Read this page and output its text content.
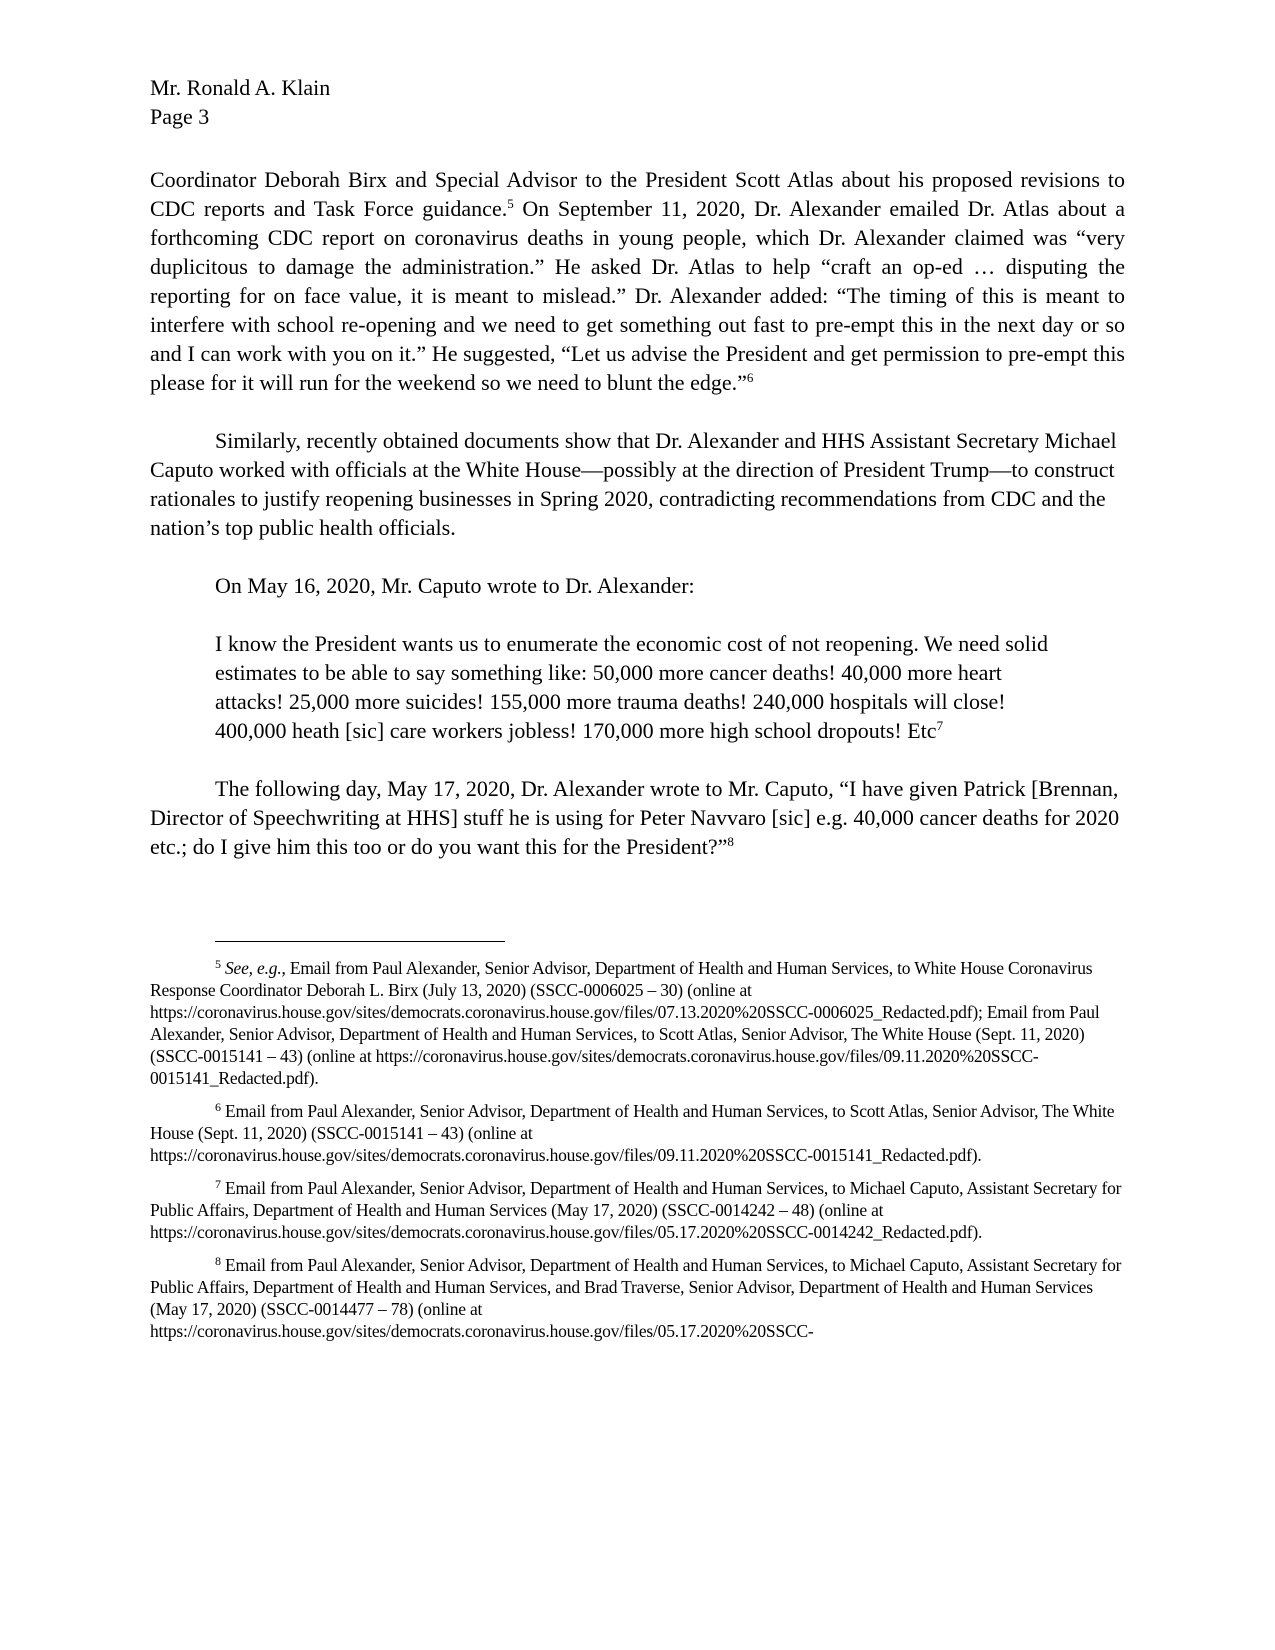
Mr. Ronald A. Klain
Page 3

Coordinator Deborah Birx and Special Advisor to the President Scott Atlas about his proposed revisions to CDC reports and Task Force guidance.$^5$ On September 11, 2020, Dr. Alexander emailed Dr. Atlas about a forthcoming CDC report on coronavirus deaths in young people, which Dr. Alexander claimed was “very duplicitous to damage the administration.” He asked Dr. Atlas to help “craft an op-ed … disputing the reporting for on face value, it is meant to mislead.” Dr. Alexander added: “The timing of this is meant to interfere with school re-opening and we need to get something out fast to pre-empt this in the next day or so and I can work with you on it.” He suggested, “Let us advise the President and get permission to pre-empt this please for it will run for the weekend so we need to blunt the edge.”$^6$

Similarly, recently obtained documents show that Dr. Alexander and HHS Assistant Secretary Michael Caputo worked with officials at the White House—possibly at the direction of President Trump—to construct rationales to justify reopening businesses in Spring 2020, contradicting recommendations from CDC and the nation’s top public health officials.

On May 16, 2020, Mr. Caputo wrote to Dr. Alexander:

I know the President wants us to enumerate the economic cost of not reopening. We need solid estimates to be able to say something like: 50,000 more cancer deaths! 40,000 more heart attacks! 25,000 more suicides! 155,000 more trauma deaths! 240,000 hospitals will close! 400,000 heath [sic] care workers jobless! 170,000 more high school dropouts! Etc$^7$

The following day, May 17, 2020, Dr. Alexander wrote to Mr. Caputo, “I have given Patrick [Brennan, Director of Speechwriting at HHS] stuff he is using for Peter Navvaro [sic] e.g. 40,000 cancer deaths for 2020 etc.; do I give him this too or do you want this for the President?”$^8$

$^5$ See, e.g., Email from Paul Alexander, Senior Advisor, Department of Health and Human Services, to White House Coronavirus Response Coordinator Deborah L. Birx (July 13, 2020) (SSCC-0006025 – 30) (online at https://coronavirus.house.gov/sites/democrats.coronavirus.house.gov/files/07.13.2020%20SSCC-0006025_Redacted.pdf); Email from Paul Alexander, Senior Advisor, Department of Health and Human Services, to Scott Atlas, Senior Advisor, The White House (Sept. 11, 2020) (SSCC-0015141 – 43) (online at https://coronavirus.house.gov/sites/democrats.coronavirus.house.gov/files/09.11.2020%20SSCC-0015141_Redacted.pdf).

$^6$ Email from Paul Alexander, Senior Advisor, Department of Health and Human Services, to Scott Atlas, Senior Advisor, The White House (Sept. 11, 2020) (SSCC-0015141 – 43) (online at https://coronavirus.house.gov/sites/democrats.coronavirus.house.gov/files/09.11.2020%20SSCC-0015141_Redacted.pdf).

$^7$ Email from Paul Alexander, Senior Advisor, Department of Health and Human Services, to Michael Caputo, Assistant Secretary for Public Affairs, Department of Health and Human Services (May 17, 2020) (SSCC-0014242 – 48) (online at https://coronavirus.house.gov/sites/democrats.coronavirus.house.gov/files/05.17.2020%20SSCC-0014242_Redacted.pdf).

$^8$ Email from Paul Alexander, Senior Advisor, Department of Health and Human Services, to Michael Caputo, Assistant Secretary for Public Affairs, Department of Health and Human Services, and Brad Traverse, Senior Advisor, Department of Health and Human Services (May 17, 2020) (SSCC-0014477 – 78) (online at https://coronavirus.house.gov/sites/democrats.coronavirus.house.gov/files/05.17.2020%20SSCC-
